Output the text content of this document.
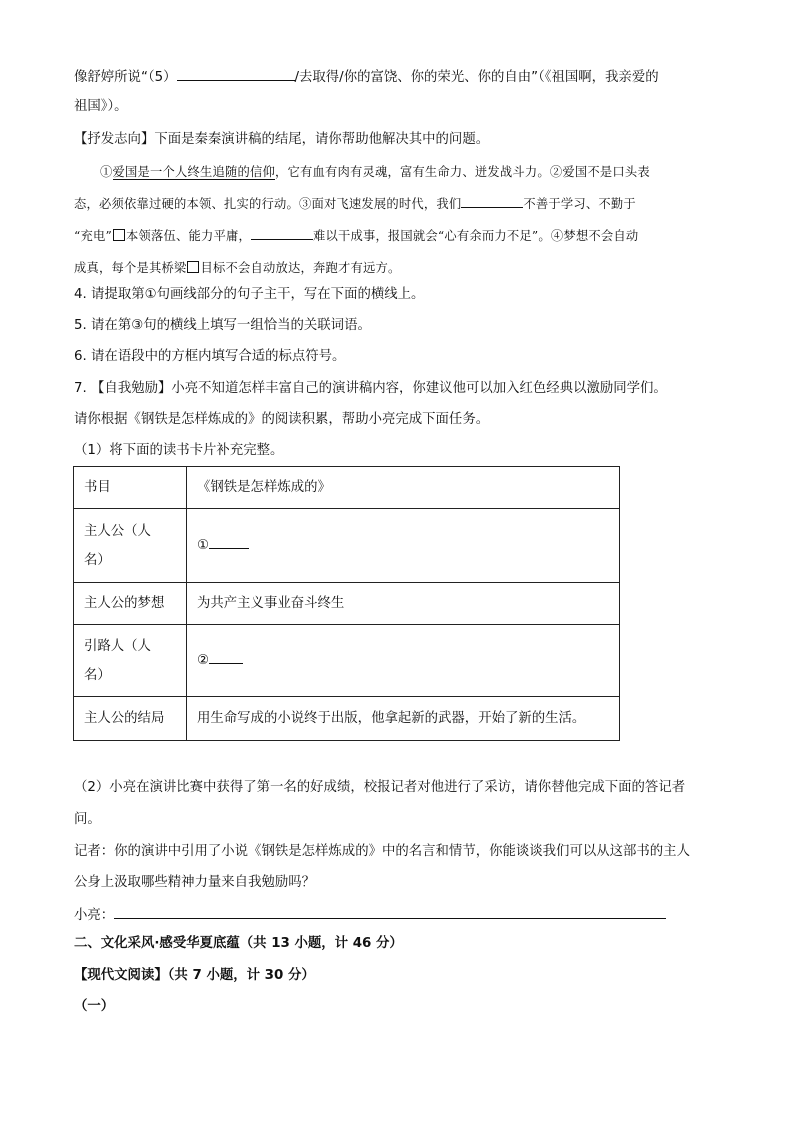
像舒婷所说“（5）	/去取得/你的富饶、你的荣光、你的自由”（《祖国啊，我亲爱的
祖国》）。
【抒发志向】下面是秦秦演讲稿的结尾，请你帮助他解决其中的问题。
①爱国是一个人终生追随的信仰，它有血有肉有灵魂，富有生命力、迸发战斗力。②爱国不是口头表
态，必须依靠过硬的本领、扎实的行动。③面对飞速发展的时代，我们	不善于学习、不勤于
“充电” 本领落伍、能力平庸，	难以干成事，报国就会“心有余而力不足”。④梦想不会自动
成真，每个是其桥梁 目标不会自动放达，奔跑才有远方。
4. 请提取第①句画线部分的句子主干，写在下面的横线上。
5. 请在第③句的横线上填写一组恰当的关联词语。
6. 请在语段中的方框内填写合适的标点符号。
7. 【自我勉励】小亮不知道怎样丰富自己的演讲稿内容，你建议他可以加入红色经典以激励同学们。
请你根据《钢铁是怎样炼成的》的阅读积累，帮助小亮完成下面任务。
（1）将下面的读书卡片补充完整。
书目	《钢铁是怎样炼成的》
主人公（人名）	①
主人公的梦想	为共产主义事业奋斗终生
引路人（人名）	②
主人公的结局	用生命写成的小说终于出版，他拿起新的武器，开始了新的生活。
（2）小亮在演讲比赛中获得了第一名的好成绩，校报记者对他进行了采访，请你替他完成下面的答记者
问。
记者：你的演讲中引用了小说《钢铁是怎样炼成的》中的名言和情节，你能谈谈我们可以从这部书的主人
公身上汲取哪些精神力量来自我勉励吗？
小亮：
二、文化采风·感受华夏底蕴（共 13 小题，计 46 分）
【现代文阅读】（共 7 小题，计 30 分）
（一）
